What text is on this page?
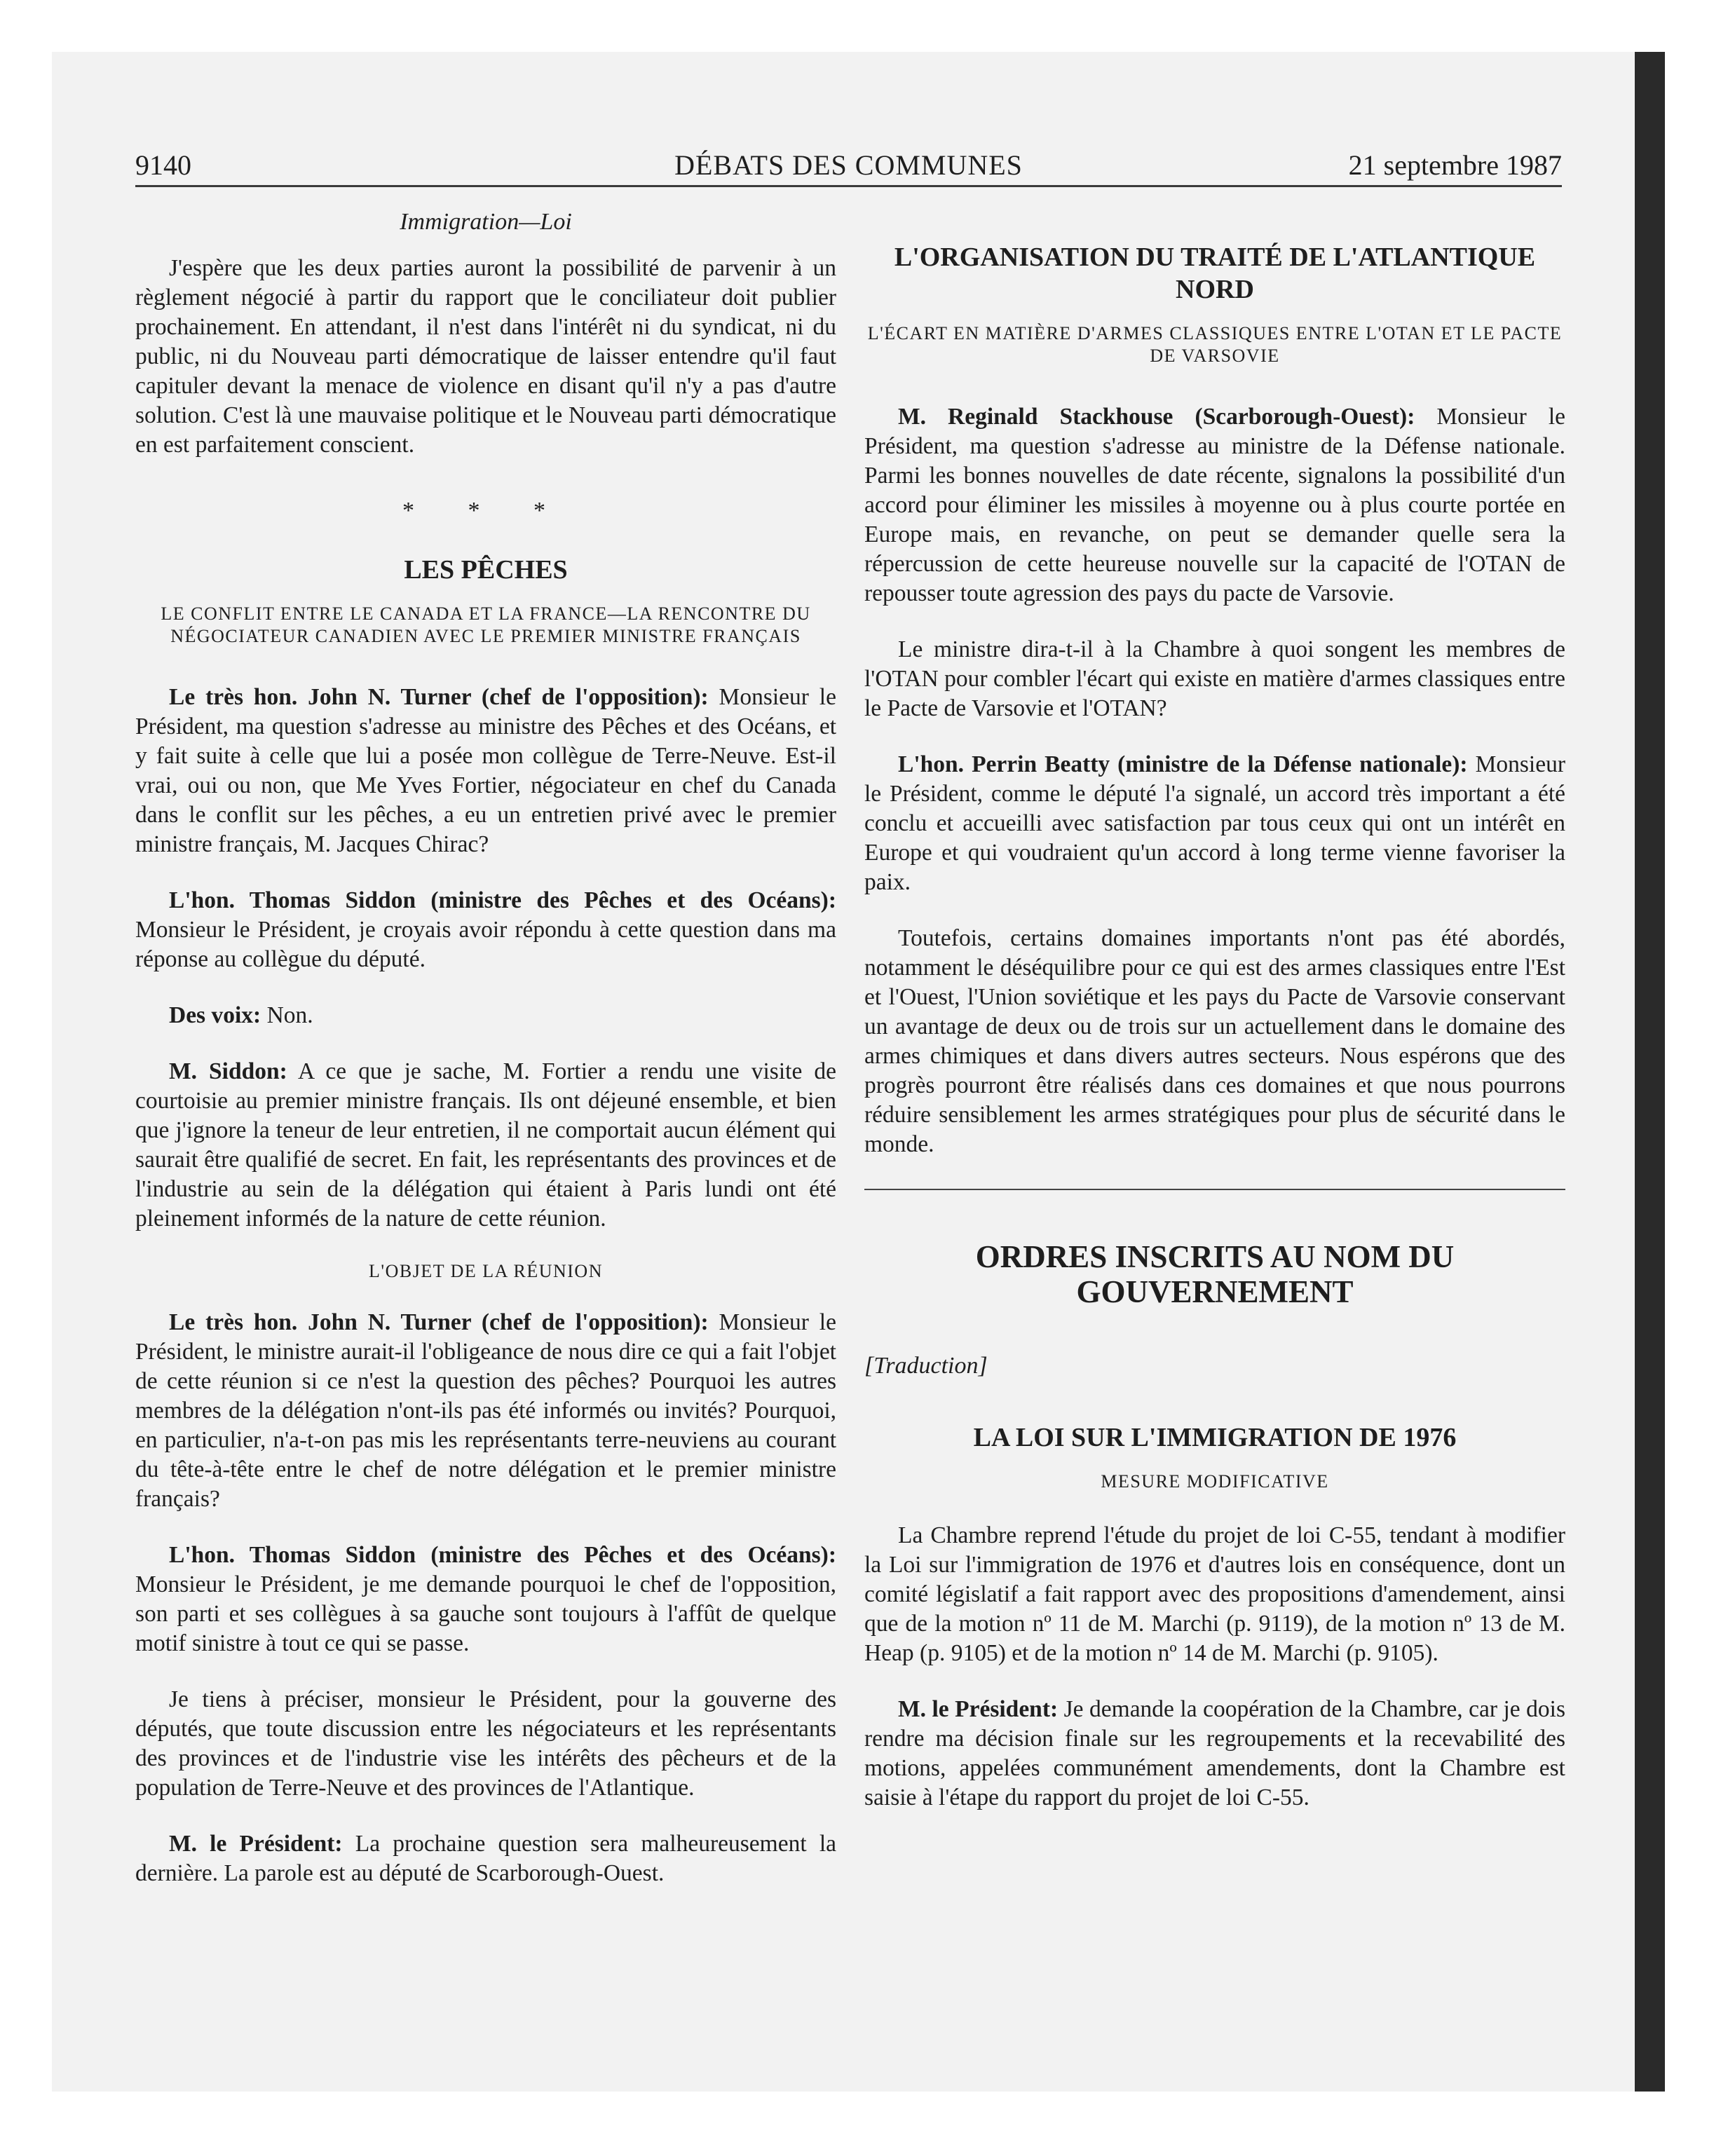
9140	DÉBATS DES COMMUNES	21 septembre 1987
Immigration—Loi

J'espère que les deux parties auront la possibilité de parvenir à un règlement négocié à partir du rapport que le conciliateur doit publier prochainement. En attendant, il n'est dans l'intérêt ni du syndicat, ni du public, ni du Nouveau parti démocratique de laisser entendre qu'il faut capituler devant la menace de violence en disant qu'il n'y a pas d'autre solution. C'est là une mauvaise politique et le Nouveau parti démocratique en est parfaitement conscient.

* * *
LES PÊCHES
LE CONFLIT ENTRE LE CANADA ET LA FRANCE—LA RENCONTRE DU NÉGOCIATEUR CANADIEN AVEC LE PREMIER MINISTRE FRANÇAIS

Le très hon. John N. Turner (chef de l'opposition): Monsieur le Président, ma question s'adresse au ministre des Pêches et des Océans, et y fait suite à celle que lui a posée mon collègue de Terre-Neuve. Est-il vrai, oui ou non, que Me Yves Fortier, négociateur en chef du Canada dans le conflit sur les pêches, a eu un entretien privé avec le premier ministre français, M. Jacques Chirac?

L'hon. Thomas Siddon (ministre des Pêches et des Océans): Monsieur le Président, je croyais avoir répondu à cette question dans ma réponse au collègue du député.

Des voix: Non.

M. Siddon: A ce que je sache, M. Fortier a rendu une visite de courtoisie au premier ministre français. Ils ont déjeuné ensemble, et bien que j'ignore la teneur de leur entretien, il ne comportait aucun élément qui saurait être qualifié de secret. En fait, les représentants des provinces et de l'industrie au sein de la délégation qui étaient à Paris lundi ont été pleinement informés de la nature de cette réunion.

L'OBJET DE LA RÉUNION

Le très hon. John N. Turner (chef de l'opposition): Monsieur le Président, le ministre aurait-il l'obligeance de nous dire ce qui a fait l'objet de cette réunion si ce n'est la question des pêches? Pourquoi les autres membres de la délégation n'ont-ils pas été informés ou invités? Pourquoi, en particulier, n'a-t-on pas mis les représentants terre-neuviens au courant du tête-à-tête entre le chef de notre délégation et le premier ministre français?

L'hon. Thomas Siddon (ministre des Pêches et des Océans): Monsieur le Président, je me demande pourquoi le chef de l'opposition, son parti et ses collègues à sa gauche sont toujours à l'affût de quelque motif sinistre à tout ce qui se passe.

Je tiens à préciser, monsieur le Président, pour la gouverne des députés, que toute discussion entre les négociateurs et les représentants des provinces et de l'industrie vise les intérêts des pêcheurs et de la population de Terre-Neuve et des provinces de l'Atlantique.

M. le Président: La prochaine question sera malheureusement la dernière. La parole est au député de Scarborough-Ouest.

L'ORGANISATION DU TRAITÉ DE L'ATLANTIQUE NORD
L'ÉCART EN MATIÈRE D'ARMES CLASSIQUES ENTRE L'OTAN ET LE PACTE DE VARSOVIE

M. Reginald Stackhouse (Scarborough-Ouest): Monsieur le Président, ma question s'adresse au ministre de la Défense nationale. Parmi les bonnes nouvelles de date récente, signalons la possibilité d'un accord pour éliminer les missiles à moyenne ou à plus courte portée en Europe mais, en revanche, on peut se demander quelle sera la répercussion de cette heureuse nouvelle sur la capacité de l'OTAN de repousser toute agression des pays du pacte de Varsovie.

Le ministre dira-t-il à la Chambre à quoi songent les membres de l'OTAN pour combler l'écart qui existe en matière d'armes classiques entre le Pacte de Varsovie et l'OTAN?

L'hon. Perrin Beatty (ministre de la Défense nationale): Monsieur le Président, comme le député l'a signalé, un accord très important a été conclu et accueilli avec satisfaction par tous ceux qui ont un intérêt en Europe et qui voudraient qu'un accord à long terme vienne favoriser la paix.

Toutefois, certains domaines importants n'ont pas été abordés, notamment le déséquilibre pour ce qui est des armes classiques entre l'Est et l'Ouest, l'Union soviétique et les pays du Pacte de Varsovie conservant un avantage de deux ou de trois sur un actuellement dans le domaine des armes chimiques et dans divers autres secteurs. Nous espérons que des progrès pourront être réalisés dans ces domaines et que nous pourrons réduire sensiblement les armes stratégiques pour plus de sécurité dans le monde.

ORDRES INSCRITS AU NOM DU GOUVERNEMENT
[Traduction]
LA LOI SUR L'IMMIGRATION DE 1976
MESURE MODIFICATIVE

La Chambre reprend l'étude du projet de loi C-55, tendant à modifier la Loi sur l'immigration de 1976 et d'autres lois en conséquence, dont un comité législatif a fait rapport avec des propositions d'amendement, ainsi que de la motion nº 11 de M. Marchi (p. 9119), de la motion nº 13 de M. Heap (p. 9105) et de la motion nº 14 de M. Marchi (p. 9105).

M. le Président: Je demande la coopération de la Chambre, car je dois rendre ma décision finale sur les regroupements et la recevabilité des motions, appelées communément amendements, dont la Chambre est saisie à l'étape du rapport du projet de loi C-55.
